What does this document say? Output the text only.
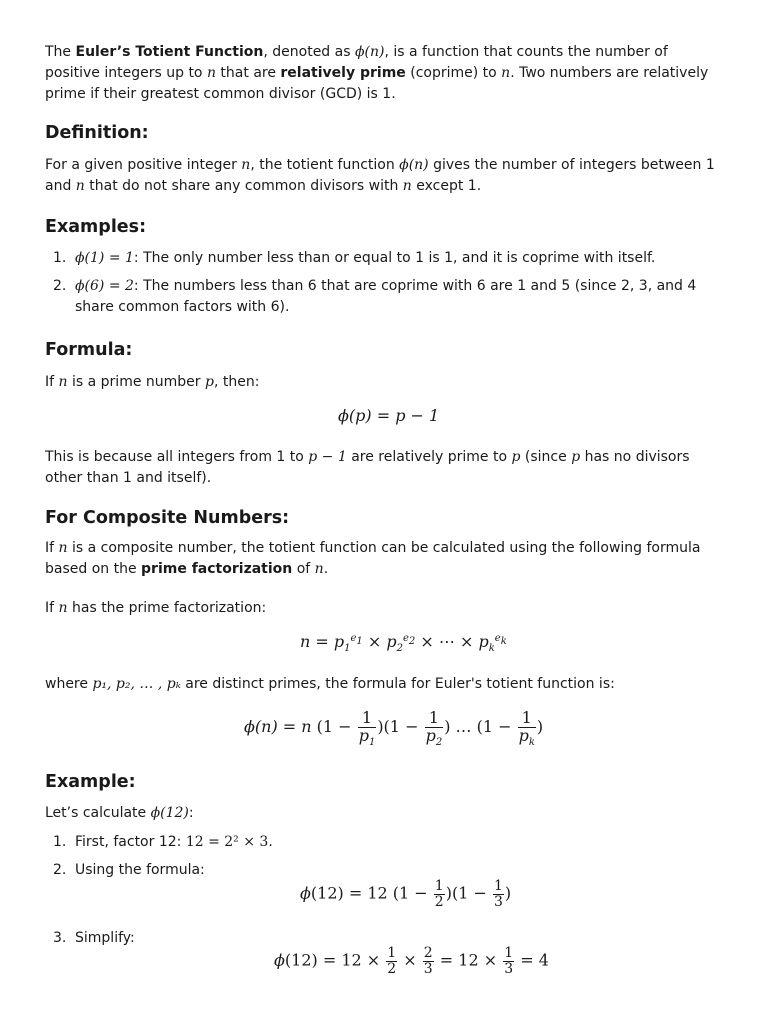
The Euler’s Totient Function, denoted as ϕ(n), is a function that counts the number of positive integers up to n that are relatively prime (coprime) to n. Two numbers are relatively prime if their greatest common divisor (GCD) is 1.
Definition:
For a given positive integer n, the totient function ϕ(n) gives the number of integers between 1 and n that do not share any common divisors with n except 1.
Examples:
1. ϕ(1) = 1: The only number less than or equal to 1 is 1, and it is coprime with itself.
2. ϕ(6) = 2: The numbers less than 6 that are coprime with 6 are 1 and 5 (since 2, 3, and 4 share common factors with 6).
Formula:
If n is a prime number p, then:
ϕ(p) = p − 1
This is because all integers from 1 to p − 1 are relatively prime to p (since p has no divisors other than 1 and itself).
For Composite Numbers:
If n is a composite number, the totient function can be calculated using the following formula based on the prime factorization of n.
If n has the prime factorization:
$n = p_1^{e_1} \times p_2^{e_2}$ × ⋯ × $p_k^{e_k}$
where p₁, p₂, … , pₖ are distinct primes, the formula for Euler's totient function is:
ϕ(n) = n $(1 - \frac{1}{p_1} )(1 - \frac{1}{p_2}$ ) … ($1 - \frac{1}{p_k}$ )
Example:
Let’s calculate ϕ(12):
1. First, factor 12: 12 = 2² × 3.
2. Using the formula:
ϕ(12) = 12 $(1 - \frac{1}{2} )(1 - \frac{1}{3}$ )
3. Simplify:
$\phi(12) = 12 \times \frac{1}{2} \times \frac{2}{3} = 12 \times \frac{1}{3} = 4$
